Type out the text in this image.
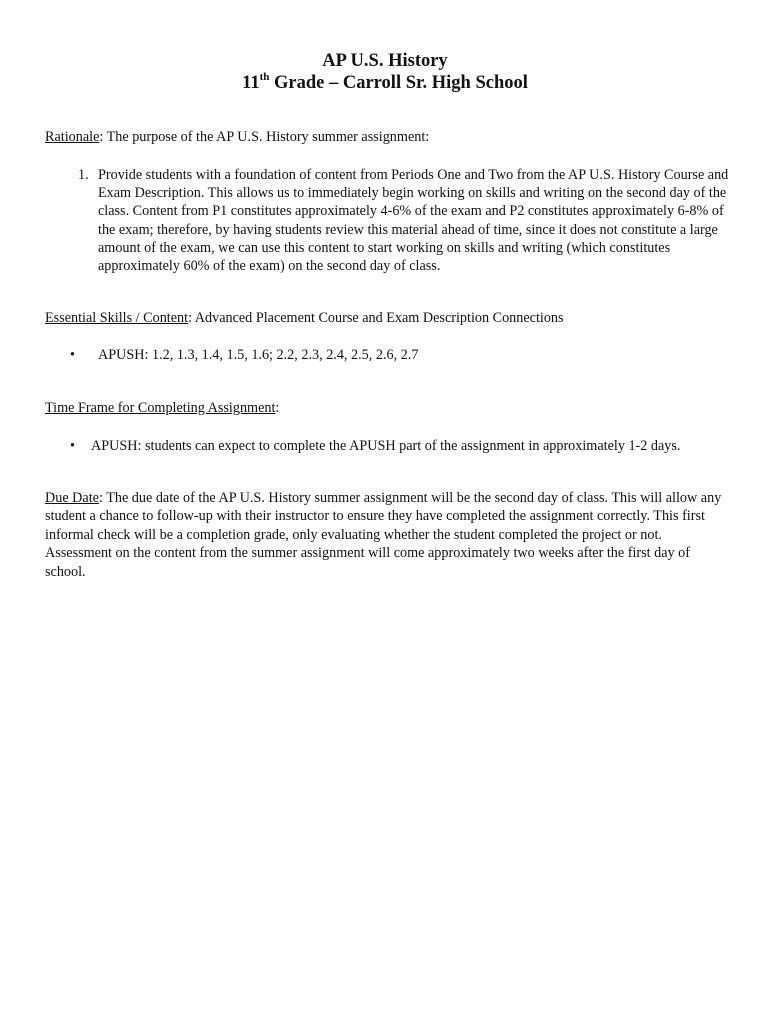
AP U.S. History
11th Grade – Carroll Sr. High School
Rationale: The purpose of the AP U.S. History summer assignment:
1. Provide students with a foundation of content from Periods One and Two from the AP U.S. History Course and Exam Description. This allows us to immediately begin working on skills and writing on the second day of the class. Content from P1 constitutes approximately 4-6% of the exam and P2 constitutes approximately 6-8% of the exam; therefore, by having students review this material ahead of time, since it does not constitute a large amount of the exam, we can use this content to start working on skills and writing (which constitutes approximately 60% of the exam) on the second day of class.
Essential Skills / Content: Advanced Placement Course and Exam Description Connections
• APUSH: 1.2, 1.3, 1.4, 1.5, 1.6; 2.2, 2.3, 2.4, 2.5, 2.6, 2.7
Time Frame for Completing Assignment:
• APUSH: students can expect to complete the APUSH part of the assignment in approximately 1-2 days.
Due Date: The due date of the AP U.S. History summer assignment will be the second day of class. This will allow any student a chance to follow-up with their instructor to ensure they have completed the assignment correctly. This first informal check will be a completion grade, only evaluating whether the student completed the project or not. Assessment on the content from the summer assignment will come approximately two weeks after the first day of school.
